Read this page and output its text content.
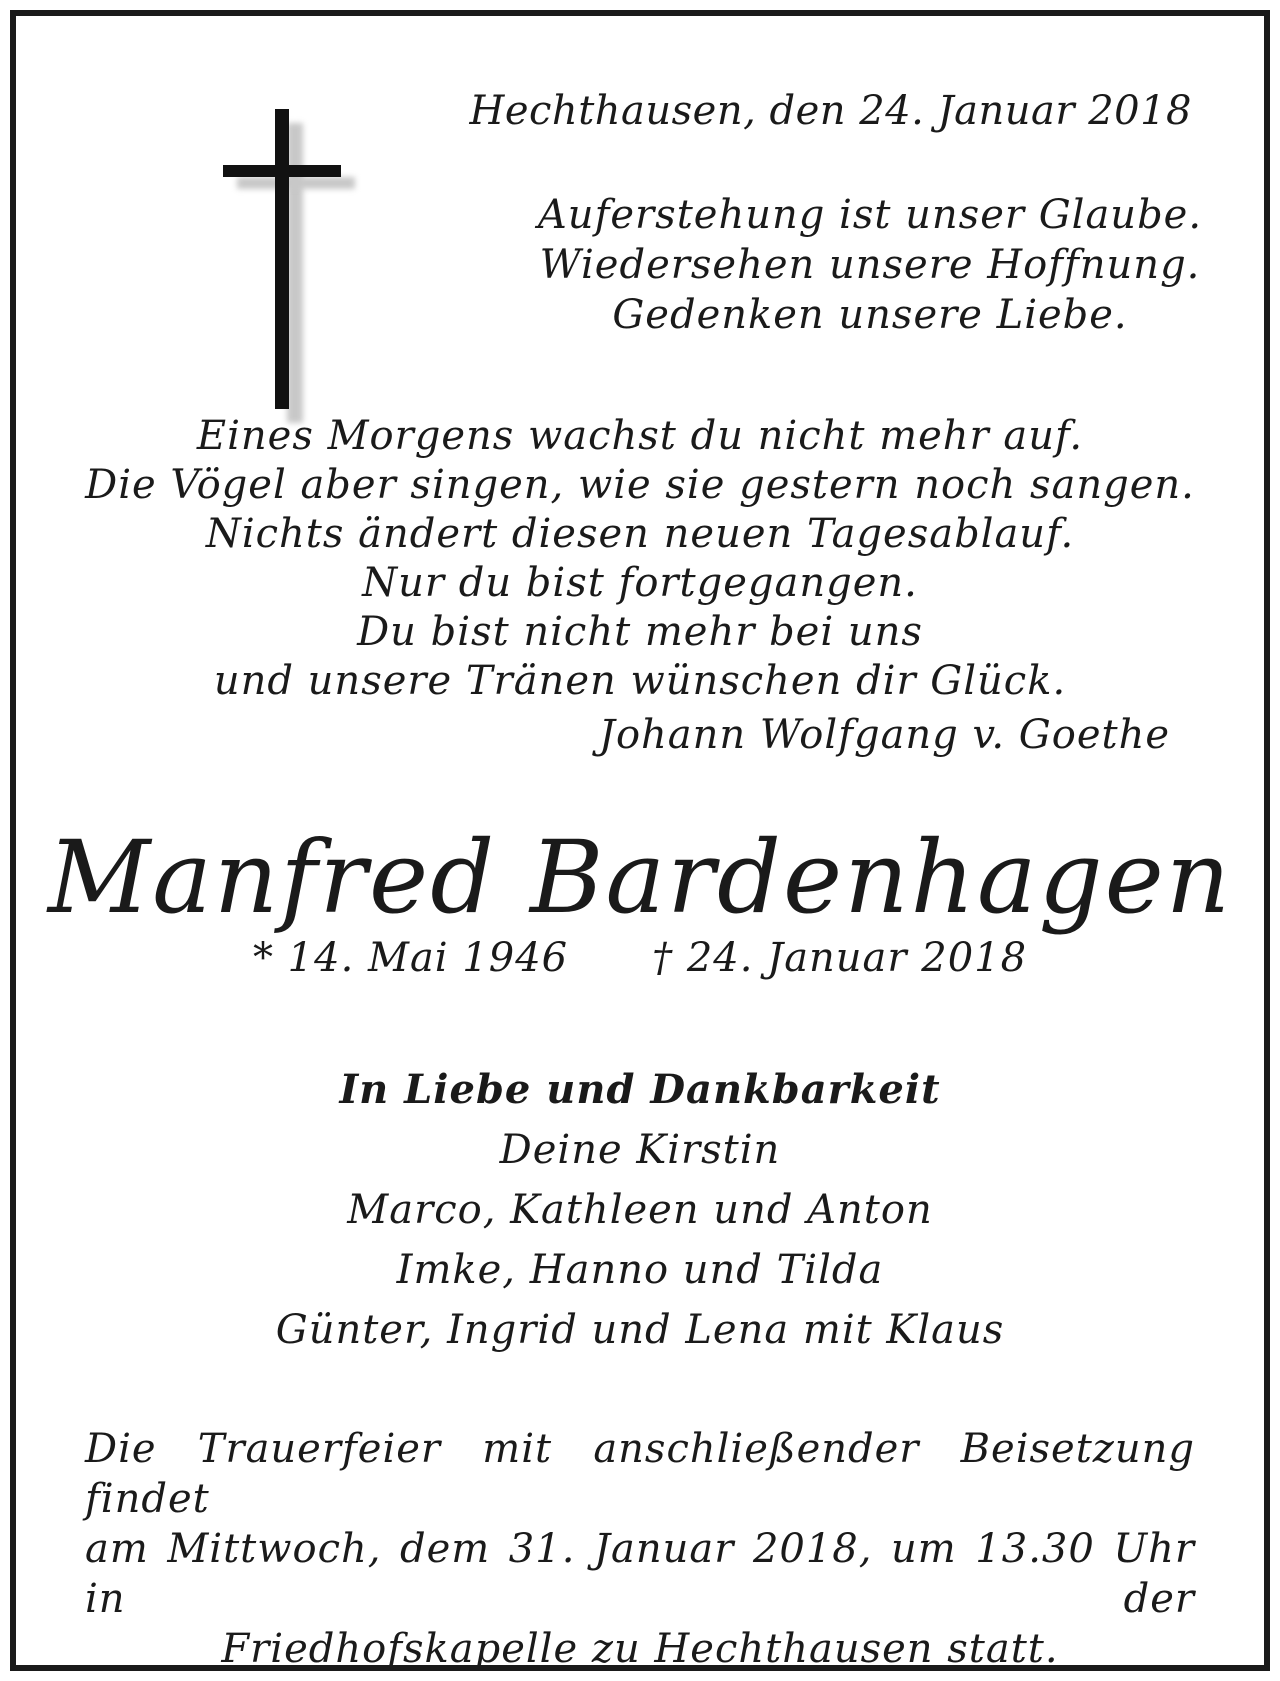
Hechthausen, den 24. Januar 2018
Auferstehung ist unser Glaube.
Wiedersehen unsere Hoffnung.
Gedenken unsere Liebe.
Eines Morgens wachst du nicht mehr auf.
Die Vögel aber singen, wie sie gestern noch sangen.
Nichts ändert diesen neuen Tagesablauf.
Nur du bist fortgegangen.
Du bist nicht mehr bei uns
und unsere Tränen wünschen dir Glück.
Johann Wolfgang v. Goethe
Manfred Bardenhagen
* 14. Mai 1946 † 24. Januar 2018
In Liebe und Dankbarkeit
Deine Kirstin
Marco, Kathleen und Anton
Imke, Hanno und Tilda
Günter, Ingrid und Lena mit Klaus
Die Trauerfeier mit anschließender Beisetzung findet
am Mittwoch, dem 31. Januar 2018, um 13.30 Uhr in der
Friedhofskapelle zu Hechthausen statt.
